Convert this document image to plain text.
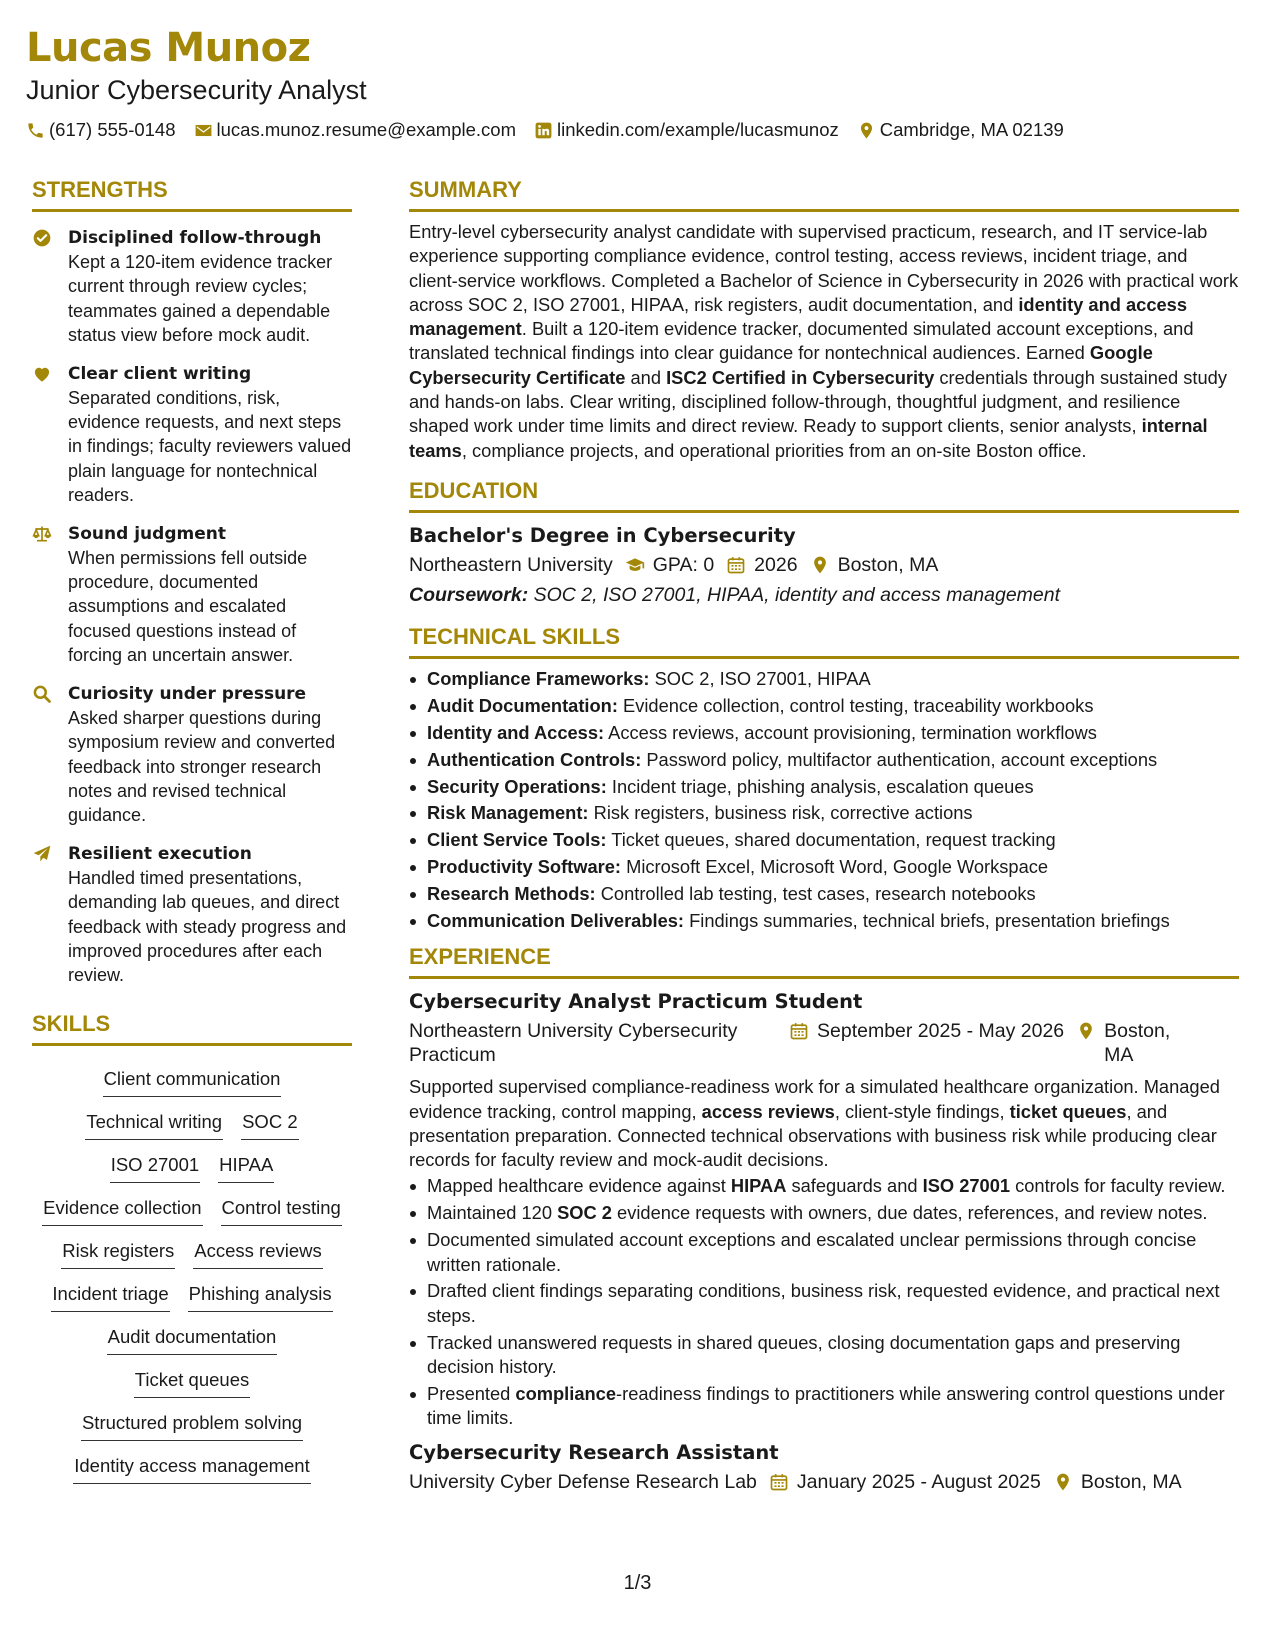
Lucas Munoz
Junior Cybersecurity Analyst
(617) 555-0148 lucas.munoz.resume@example.com linkedin.com/example/lucasmunoz Cambridge, MA 02139
STRENGTHS
Disciplined follow-through
Kept a 120-item evidence tracker current through review cycles; teammates gained a dependable status view before mock audit.
Clear client writing
Separated conditions, risk, evidence requests, and next steps in findings; faculty reviewers valued plain language for nontechnical readers.
Sound judgment
When permissions fell outside procedure, documented assumptions and escalated focused questions instead of forcing an uncertain answer.
Curiosity under pressure
Asked sharper questions during symposium review and converted feedback into stronger research notes and revised technical guidance.
Resilient execution
Handled timed presentations, demanding lab queues, and direct feedback with steady progress and improved procedures after each review.
SKILLS
Client communication
Technical writing SOC 2
ISO 27001 HIPAA
Evidence collection Control testing
Risk registers Access reviews
Incident triage Phishing analysis
Audit documentation
Ticket queues
Structured problem solving
Identity access management
SUMMARY

Entry-level cybersecurity analyst candidate with supervised practicum, research, and IT service-lab experience supporting compliance evidence, control testing, access reviews, incident triage, and client-service workflows. Completed a Bachelor of Science in Cybersecurity in 2026 with practical work across SOC 2, ISO 27001, HIPAA, risk registers, audit documentation, and identity and access management. Built a 120-item evidence tracker, documented simulated account exceptions, and translated technical findings into clear guidance for nontechnical audiences. Earned Google Cybersecurity Certificate and ISC2 Certified in Cybersecurity credentials through sustained study and hands-on labs. Clear writing, disciplined follow-through, thoughtful judgment, and resilience shaped work under time limits and direct review. Ready to support clients, senior analysts, internal teams, compliance projects, and operational priorities from an on-site Boston office.

EDUCATION
Bachelor's Degree in Cybersecurity
Northeastern University GPA: 0 2026 Boston, MA
Coursework: SOC 2, ISO 27001, HIPAA, identity and access management
TECHNICAL SKILLS
Compliance Frameworks: SOC 2, ISO 27001, HIPAA
Audit Documentation: Evidence collection, control testing, traceability workbooks
Identity and Access: Access reviews, account provisioning, termination workflows
Authentication Controls: Password policy, multifactor authentication, account exceptions
Security Operations: Incident triage, phishing analysis, escalation queues
Risk Management: Risk registers, business risk, corrective actions
Client Service Tools: Ticket queues, shared documentation, request tracking
Productivity Software: Microsoft Excel, Microsoft Word, Google Workspace
Research Methods: Controlled lab testing, test cases, research notebooks
Communication Deliverables: Findings summaries, technical briefs, presentation briefings
EXPERIENCE
Cybersecurity Analyst Practicum Student
Northeastern University Cybersecurity Practicum
September 2025 - May 2026 Boston, MA

Supported supervised compliance-readiness work for a simulated healthcare organization. Managed evidence tracking, control mapping, access reviews, client-style findings, ticket queues, and presentation preparation. Connected technical observations with business risk while producing clear records for faculty review and mock-audit decisions.

Mapped healthcare evidence against HIPAA safeguards and ISO 27001 controls for faculty review.
Maintained 120 SOC 2 evidence requests with owners, due dates, references, and review notes.
Documented simulated account exceptions and escalated unclear permissions through concise written rationale.
Drafted client findings separating conditions, business risk, requested evidence, and practical next steps.
Tracked unanswered requests in shared queues, closing documentation gaps and preserving decision history.
Presented compliance-readiness findings to practitioners while answering control questions under time limits.
Cybersecurity Research Assistant
University Cyber Defense Research Lab January 2025 - August 2025 Boston, MA
1/3
